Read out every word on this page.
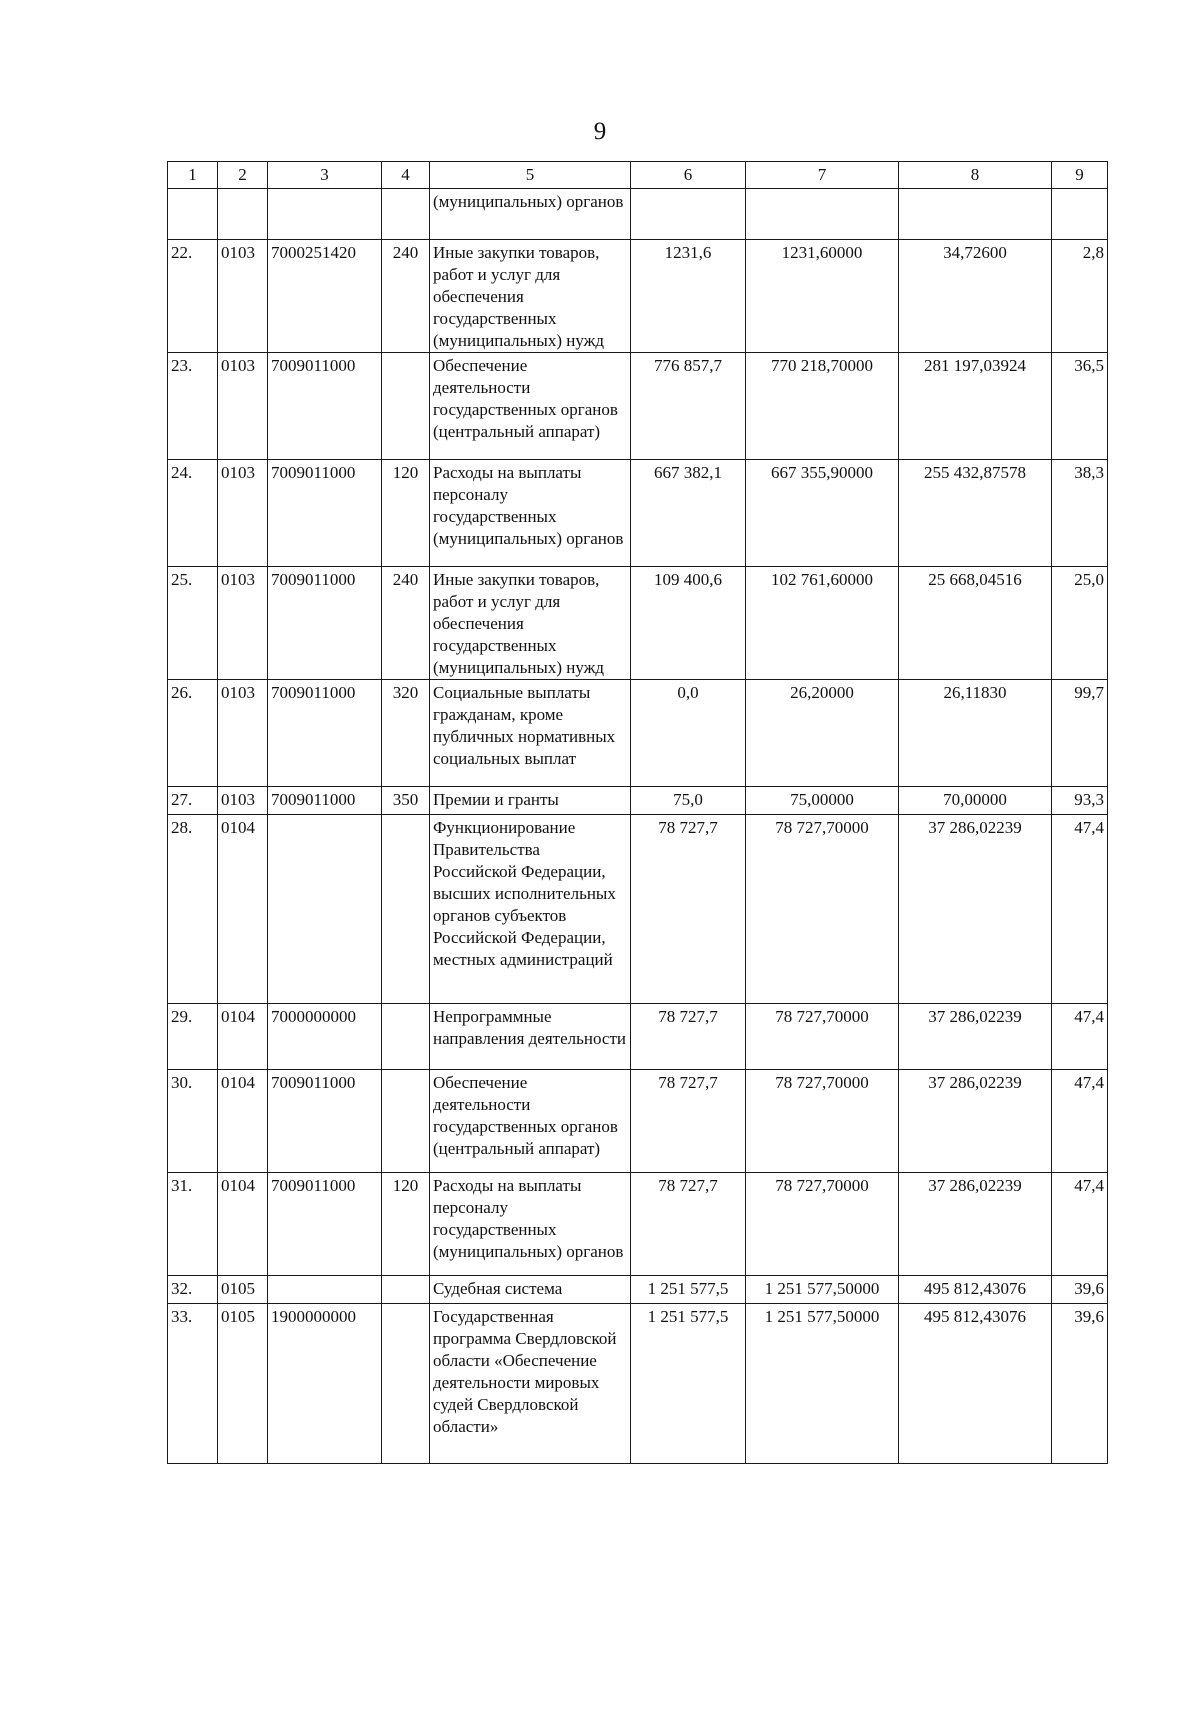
9
1	2	3	4	5	6	7	8	9
				(муниципальных) органов				
22.	0103	7000251420	240	Иные закупки товаров, работ и услуг для обеспечения государственных (муниципальных) нужд	1231,6	1231,60000	34,72600	2,8
23.	0103	7009011000		Обеспечение деятельности государственных органов (центральный аппарат)	776 857,7	770 218,70000	281 197,03924	36,5
24.	0103	7009011000	120	Расходы на выплаты персоналу государственных (муниципальных) органов	667 382,1	667 355,90000	255 432,87578	38,3
25.	0103	7009011000	240	Иные закупки товаров, работ и услуг для обеспечения государственных (муниципальных) нужд	109 400,6	102 761,60000	25 668,04516	25,0
26.	0103	7009011000	320	Социальные выплаты гражданам, кроме публичных нормативных социальных выплат	0,0	26,20000	26,11830	99,7
27.	0103	7009011000	350	Премии и гранты	75,0	75,00000	70,00000	93,3
28.	0104			Функционирование Правительства Российской Федерации, высших исполнительных органов субъектов Российской Федерации, местных администраций	78 727,7	78 727,70000	37 286,02239	47,4
29.	0104	7000000000		Непрограммные направления деятельности	78 727,7	78 727,70000	37 286,02239	47,4
30.	0104	7009011000		Обеспечение деятельности государственных органов (центральный аппарат)	78 727,7	78 727,70000	37 286,02239	47,4
31.	0104	7009011000	120	Расходы на выплаты персоналу государственных (муниципальных) органов	78 727,7	78 727,70000	37 286,02239	47,4
32.	0105			Судебная система	1 251 577,5	1 251 577,50000	495 812,43076	39,6
33.	0105	1900000000		Государственная программа Свердловской области «Обеспечение деятельности мировых судей Свердловской области»	1 251 577,5	1 251 577,50000	495 812,43076	39,6
